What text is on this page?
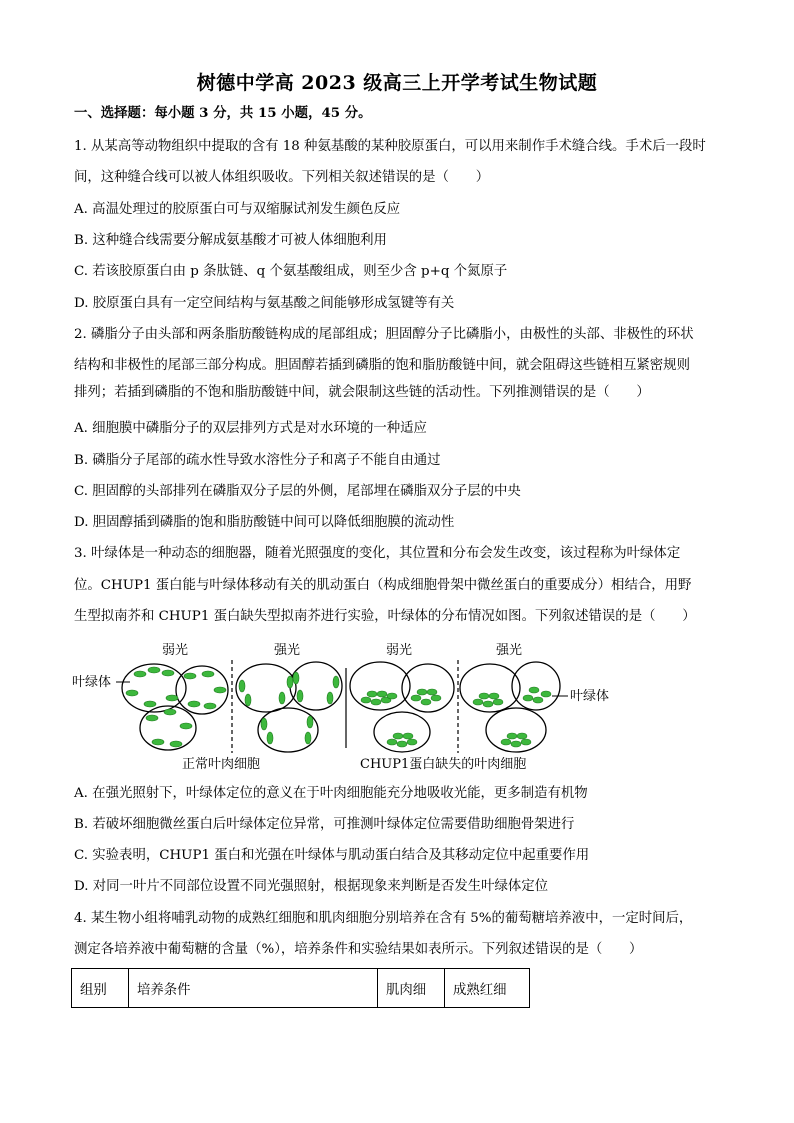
树德中学高 2023 级高三上开学考试生物试题
一、选择题：每小题 3 分，共 15 小题，45 分。
1. 从某高等动物组织中提取的含有 18 种氨基酸的某种胶原蛋白，可以用来制作手术缝合线。手术后一段时
间，这种缝合线可以被人体组织吸收。下列相关叙述错误的是（　　）
A. 高温处理过的胶原蛋白可与双缩脲试剂发生颜色反应
B. 这种缝合线需要分解成氨基酸才可被人体细胞利用
C. 若该胶原蛋白由 p 条肽链、q 个氨基酸组成，则至少含 p+q 个氮原子
D. 胶原蛋白具有一定空间结构与氨基酸之间能够形成氢键等有关
2. 磷脂分子由头部和两条脂肪酸链构成的尾部组成；胆固醇分子比磷脂小，由极性的头部、非极性的环状
结构和非极性的尾部三部分构成。胆固醇若插到磷脂的饱和脂肪酸链中间，就会阻碍这些链相互紧密规则
排列；若插到磷脂的不饱和脂肪酸链中间，就会限制这些链的活动性。下列推测错误的是（　　）
A. 细胞膜中磷脂分子的双层排列方式是对水环境的一种适应
B. 磷脂分子尾部的疏水性导致水溶性分子和离子不能自由通过
C. 胆固醇的头部排列在磷脂双分子层的外侧，尾部埋在磷脂双分子层的中央
D. 胆固醇插到磷脂的饱和脂肪酸链中间可以降低细胞膜的流动性
3. 叶绿体是一种动态的细胞器，随着光照强度的变化，其位置和分布会发生改变，该过程称为叶绿体定
位。CHUP1 蛋白能与叶绿体移动有关的肌动蛋白（构成细胞骨架中微丝蛋白的重要成分）相结合，用野
生型拟南芥和 CHUP1 蛋白缺失型拟南芥进行实验，叶绿体的分布情况如图。下列叙述错误的是（　　）
弱光	强光	弱光	强光
叶绿体
叶绿体
正常叶肉细胞	CHUP1蛋白缺失的叶肉细胞
A. 在强光照射下，叶绿体定位的意义在于叶肉细胞能充分地吸收光能，更多制造有机物
B. 若破坏细胞微丝蛋白后叶绿体定位异常，可推测叶绿体定位需要借助细胞骨架进行
C. 实验表明，CHUP1 蛋白和光强在叶绿体与肌动蛋白结合及其移动定位中起重要作用
D. 对同一叶片不同部位设置不同光强照射，根据现象来判断是否发生叶绿体定位
4. 某生物小组将哺乳动物的成熟红细胞和肌肉细胞分别培养在含有 5%的葡萄糖培养液中，一定时间后，
测定各培养液中葡萄糖的含量（%），培养条件和实验结果如表所示。下列叙述错误的是（　　）
组别	培养条件	肌肉细	成熟红细
